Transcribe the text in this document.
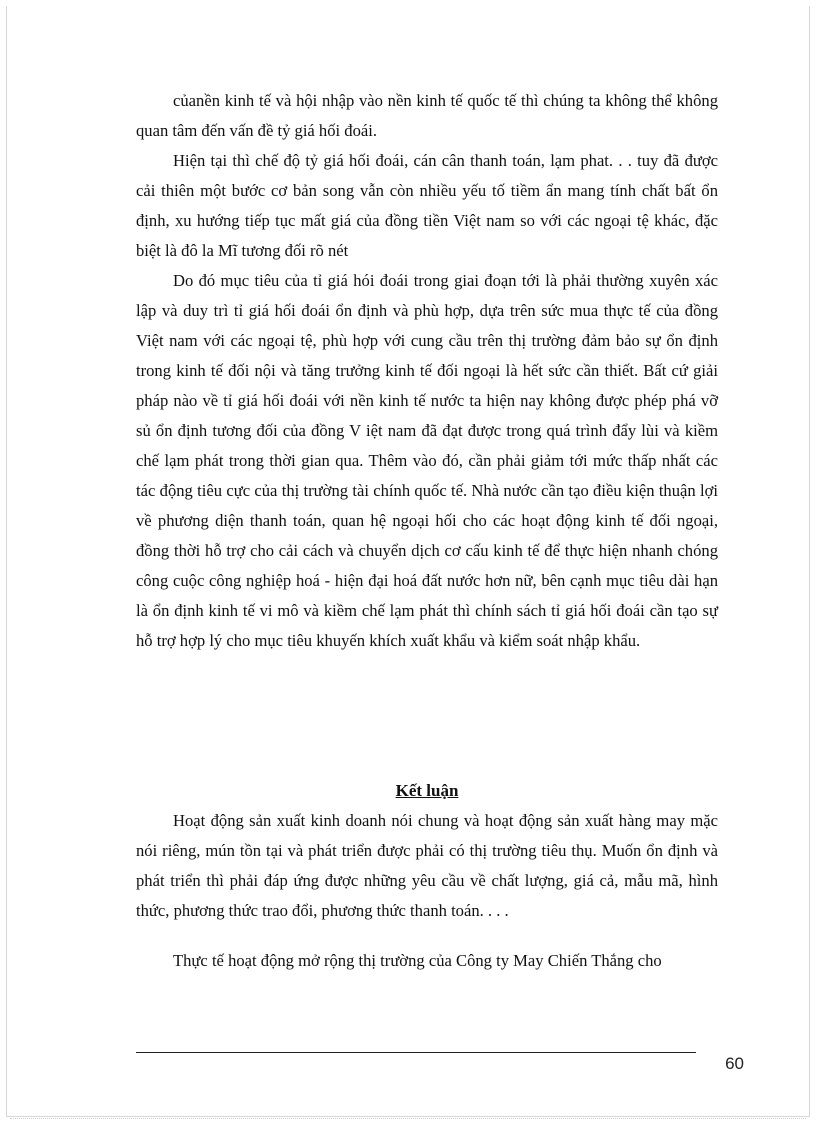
củanền kinh tế và hội nhập vào nền kinh tế quốc tế thì chúng ta không thể không quan tâm đến vấn đề tỷ giá hối đoái.

Hiện tại thì chế độ tỷ giá hối đoái, cán cân thanh toán, lạm phat. . . tuy đã được cải thiên một bước cơ bản song vẫn còn nhiều yếu tố tiềm ẩn mang tính chất bất ổn định, xu hướng tiếp tục mất giá của đồng tiền Việt nam so với các ngoại tệ khác, đặc biệt là đô la Mĩ tương đối rõ nét

Do đó mục tiêu của tỉ giá hói đoái trong giai đoạn tới là phải thường xuyên xác lập và duy trì tỉ giá hối đoái ổn định và phù hợp, dựa trên sức mua thực tế của đồng Việt nam với các ngoại tệ, phù hợp với cung cầu trên thị trường đảm bảo sự ổn định trong kinh tế đối nội và tăng trưởng kinh tế đối ngoại là hết sức cần thiết. Bất cứ giải pháp nào về tỉ giá hối đoái với nền kinh tế nước ta hiện nay không được phép phá vỡ sủ ổn định tương đối của đồng V iệt nam đã đạt được trong quá trình đẩy lùi và kiềm chế lạm phát trong thời gian qua. Thêm vào đó, cần phải giảm tới mức thấp nhất các tác động tiêu cực của thị trường tài chính quốc tế. Nhà nước cần tạo điều kiện thuận lợi về phương diện thanh toán, quan hệ ngoại hối cho các hoạt động kinh tế đối ngoại, đồng thời hỗ trợ cho cải cách và chuyển dịch cơ cấu kinh tế để thực hiện nhanh chóng công cuộc công nghiệp hoá - hiện đại hoá đất nước hơn nữ, bên cạnh mục tiêu dài hạn là ổn định kinh tế vi mô và kiềm chế lạm phát thì chính sách tỉ giá hối đoái cần tạo sự hỗ trợ hợp lý cho mục tiêu khuyến khích xuất khẩu và kiểm soát nhập khẩu.

Kết luận

Hoạt động sản xuất kinh doanh nói chung và hoạt động sản xuất hàng may mặc nói riêng, mún tồn tại và phát triển được phải có thị trường tiêu thụ. Muốn ổn định và phát triển thì phải đáp ứng được những yêu cầu về chất lượng, giá cả, mẫu mã, hình thức, phương thức trao đổi, phương thức thanh toán. . . .

Thực tế hoạt động mở rộng thị trường của Công ty May Chiến Thắng cho

60
